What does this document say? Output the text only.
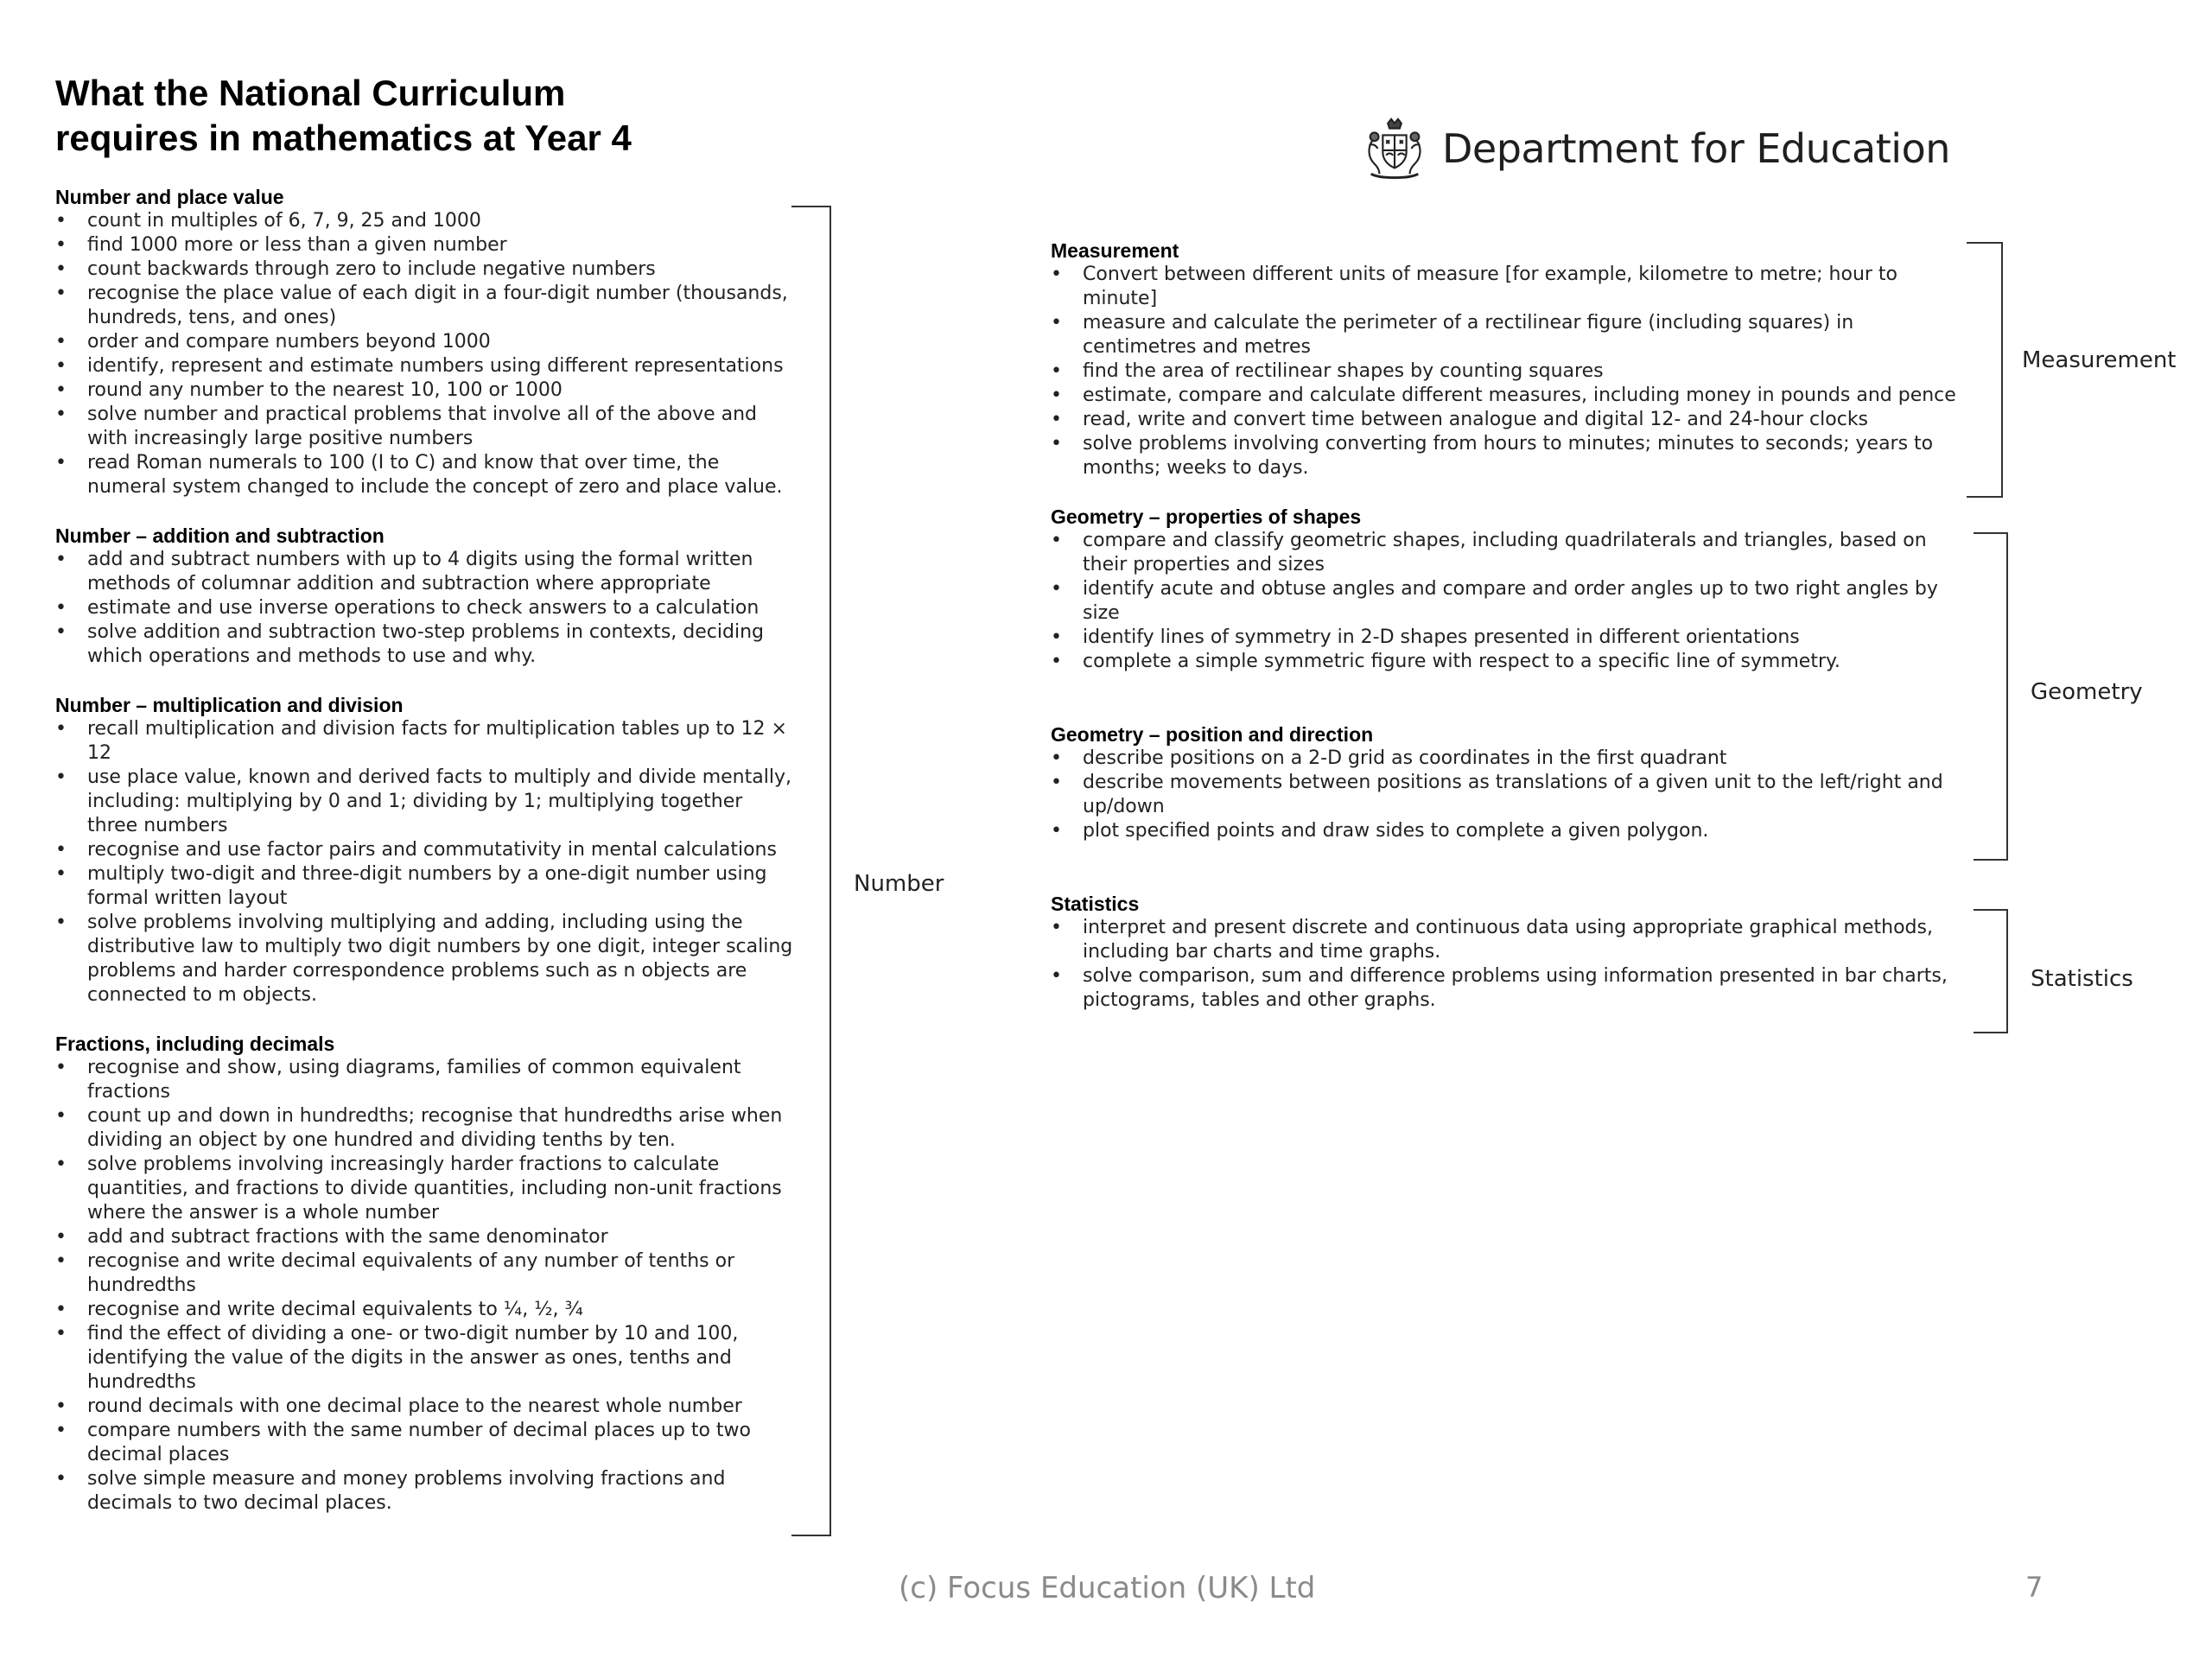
What the National Curriculum
requires in mathematics at Year 4	Department for Education
Number and place value
• count in multiples of 6, 7, 9, 25 and 1000
• find 1000 more or less than a given number
• count backwards through zero to include negative numbers
• recognise the place value of each digit in a four-digit number (thousands, hundreds, tens, and ones)
• order and compare numbers beyond 1000
• identify, represent and estimate numbers using different representations
• round any number to the nearest 10, 100 or 1000
• solve number and practical problems that involve all of the above and with increasingly large positive numbers
• read Roman numerals to 100 (I to C) and know that over time, the numeral system changed to include the concept of zero and place value.
Number – addition and subtraction
• add and subtract numbers with up to 4 digits using the formal written methods of columnar addition and subtraction where appropriate
• estimate and use inverse operations to check answers to a calculation
• solve addition and subtraction two-step problems in contexts, deciding which operations and methods to use and why.
Number – multiplication and division
• recall multiplication and division facts for multiplication tables up to 12 × 12
• use place value, known and derived facts to multiply and divide mentally, including: multiplying by 0 and 1; dividing by 1; multiplying together three numbers
• recognise and use factor pairs and commutativity in mental calculations
• multiply two-digit and three-digit numbers by a one-digit number using formal written layout
• solve problems involving multiplying and adding, including using the distributive law to multiply two digit numbers by one digit, integer scaling problems and harder correspondence problems such as n objects are connected to m objects.
Fractions, including decimals
• recognise and show, using diagrams, families of common equivalent fractions
• count up and down in hundredths; recognise that hundredths arise when dividing an object by one hundred and dividing tenths by ten.
• solve problems involving increasingly harder fractions to calculate quantities, and fractions to divide quantities, including non-unit fractions where the answer is a whole number
• add and subtract fractions with the same denominator
• recognise and write decimal equivalents of any number of tenths or hundredths
• recognise and write decimal equivalents to ¼, ½, ¾
• find the effect of dividing a one- or two-digit number by 10 and 100, identifying the value of the digits in the answer as ones, tenths and hundredths
• round decimals with one decimal place to the nearest whole number
• compare numbers with the same number of decimal places up to two decimal places
• solve simple measure and money problems involving fractions and decimals to two decimal places.
Number
Measurement
• Convert between different units of measure [for example, kilometre to metre; hour to minute]
• measure and calculate the perimeter of a rectilinear figure (including squares) in centimetres and metres
• find the area of rectilinear shapes by counting squares
• estimate, compare and calculate different measures, including money in pounds and pence
• read, write and convert time between analogue and digital 12- and 24-hour clocks
• solve problems involving converting from hours to minutes; minutes to seconds; years to months; weeks to days.
Geometry – properties of shapes
• compare and classify geometric shapes, including quadrilaterals and triangles, based on their properties and sizes
• identify acute and obtuse angles and compare and order angles up to two right angles by size
• identify lines of symmetry in 2-D shapes presented in different orientations
• complete a simple symmetric figure with respect to a specific line of symmetry.
Geometry – position and direction
• describe positions on a 2-D grid as coordinates in the first quadrant
• describe movements between positions as translations of a given unit to the left/right and up/down
• plot specified points and draw sides to complete a given polygon.
Statistics
• interpret and present discrete and continuous data using appropriate graphical methods, including bar charts and time graphs.
• solve comparison, sum and difference problems using information presented in bar charts, pictograms, tables and other graphs.
Measurement
Geometry
Statistics
(c) Focus Education (UK) Ltd	7
